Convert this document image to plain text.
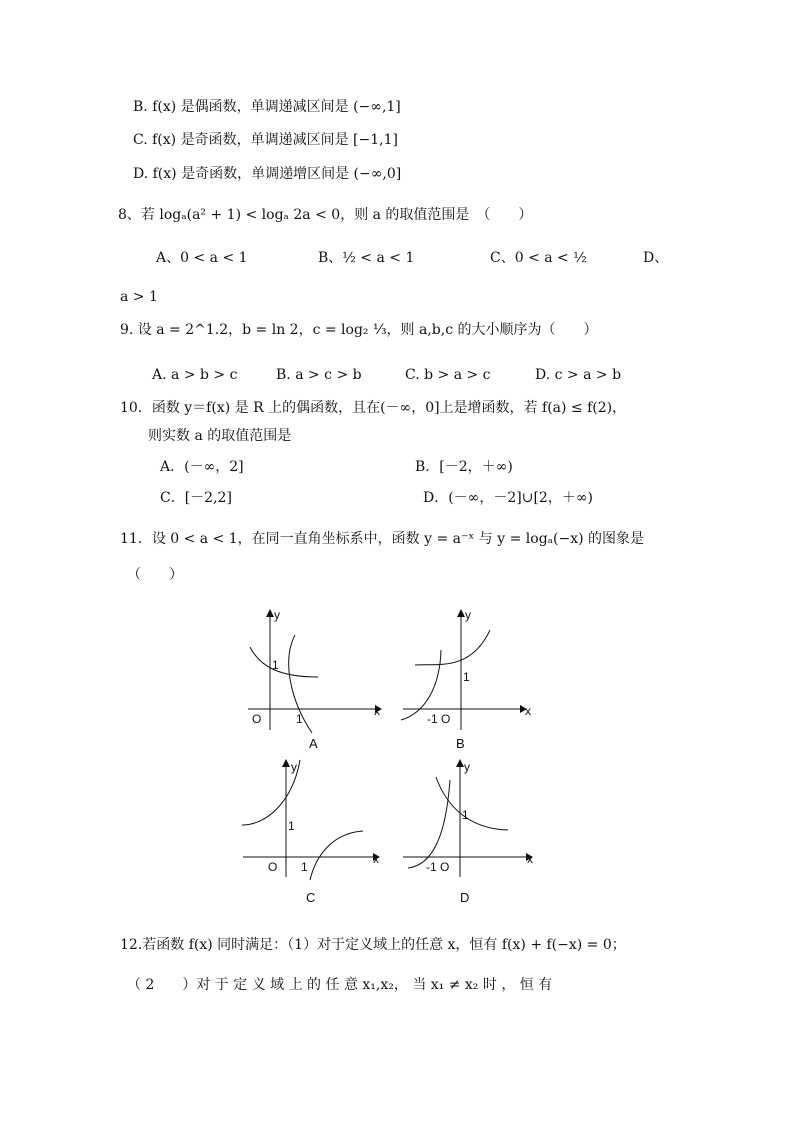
B. f(x) 是偶函数，单调递减区间是 (−∞,1]
C. f(x) 是奇函数，单调递减区间是 [−1,1]
D. f(x) 是奇函数，单调递增区间是 (−∞,0]
8、若 logₐ(a² + 1) < logₐ 2a < 0，则 a 的取值范围是　（　　）
A、0 < a < 1	B、½ < a < 1	C、0 < a < ½	D、
a > 1
9. 设 a = 2^1.2，b = ln 2，c = log₂ ⅓，则 a,b,c 的大小顺序为（　　）
A. a > b > c	B. a > c > b	C. b > a > c	D. c > a > b
10．函数 y＝f(x) 是 R 上的偶函数，且在(－∞，0]上是增函数，若 f(a) ≤ f(2)，
则实数 a 的取值范围是
A．(－∞，2]	B．[－2，＋∞)
C．[－2,2]	D．(－∞，－2]∪[2，＋∞)
11．设 0 < a < 1，在同一直角坐标系中，函数 y = a⁻ˣ 与 y = logₐ(−x) 的图象是
（　　）
y
x
O
1
1
A
y
x
-1 O
1
B
y
x
O
1
1
C
y
x
-1 O
1
D
12.若函数 f(x) 同时满足：（1）对于定义域上的任意 x，恒有 f(x) + f(−x) = 0；
（ 2　　）对 于 定 义 域 上 的 任 意 x₁,x₂， 当 x₁ ≠ x₂ 时 ， 恒 有
